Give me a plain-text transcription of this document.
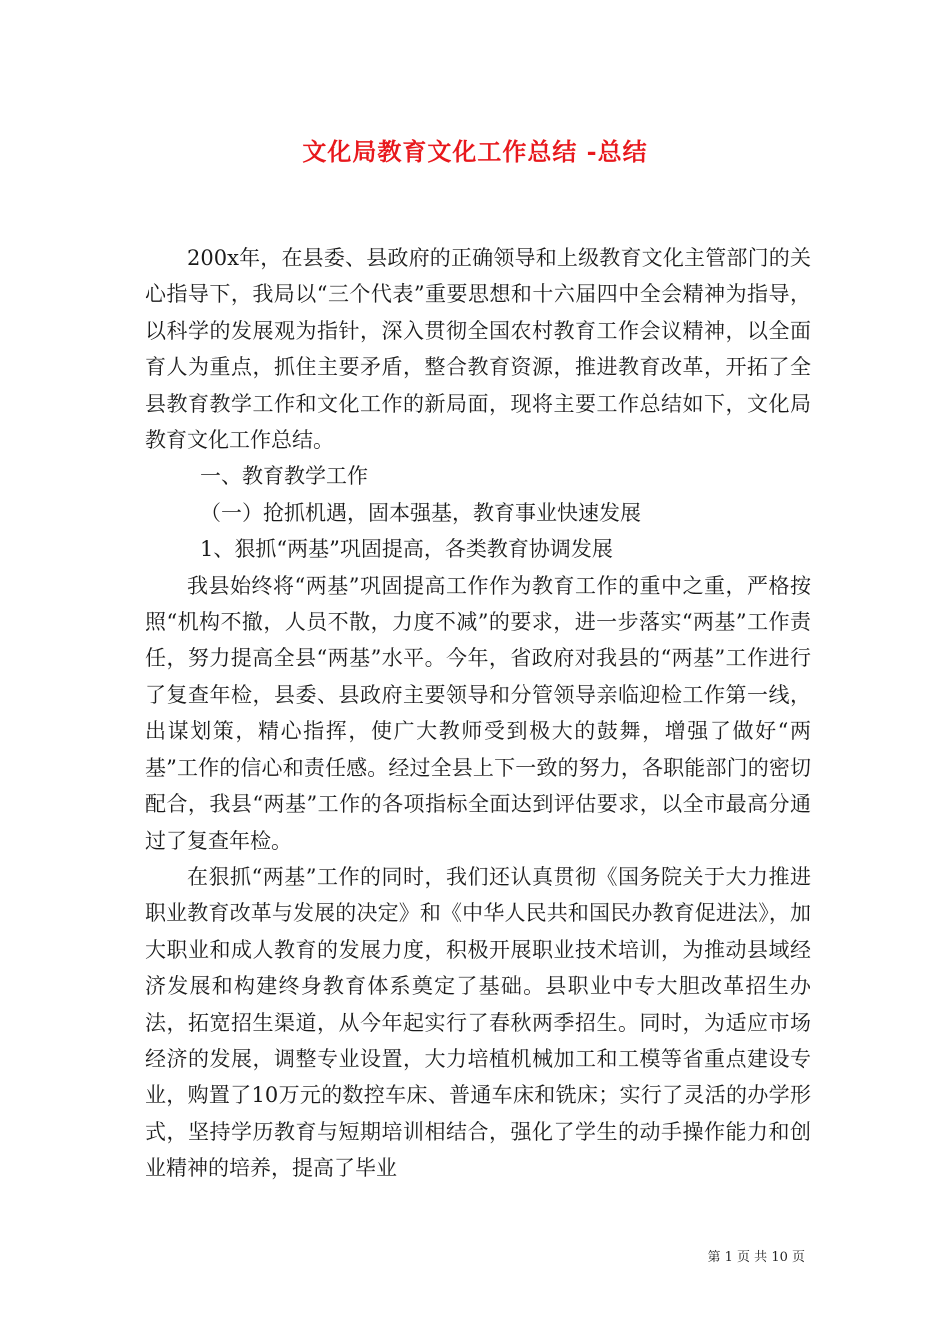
文化局教育文化工作总结 -总结

200x年，在县委、县政府的正确领导和上级教育文化主管部门的关心指导下，我局以“三个代表”重要思想和十六届四中全会精神为指导，以科学的发展观为指针，深入贯彻全国农村教育工作会议精神，以全面育人为重点，抓住主要矛盾，整合教育资源，推进教育改革，开拓了全县教育教学工作和文化工作的新局面，现将主要工作总结如下，文化局教育文化工作总结。

一、教育教学工作

（一）抢抓机遇，固本强基，教育事业快速发展

1、狠抓“两基”巩固提高，各类教育协调发展

我县始终将“两基”巩固提高工作作为教育工作的重中之重，严格按照“机构不撤，人员不散，力度不减”的要求，进一步落实“两基”工作责任，努力提高全县“两基”水平。今年，省政府对我县的“两基”工作进行了复查年检，县委、县政府主要领导和分管领导亲临迎检工作第一线，出谋划策，精心指挥，使广大教师受到极大的鼓舞，增强了做好“两基”工作的信心和责任感。经过全县上下一致的努力，各职能部门的密切配合，我县“两基”工作的各项指标全面达到评估要求，以全市最高分通过了复查年检。

在狠抓“两基”工作的同时，我们还认真贯彻《国务院关于大力推进职业教育改革与发展的决定》和《中华人民共和国民办教育促进法》，加大职业和成人教育的发展力度，积极开展职业技术培训，为推动县域经济发展和构建终身教育体系奠定了基础。县职业中专大胆改革招生办法，拓宽招生渠道，从今年起实行了春秋两季招生。同时，为适应市场经济的发展，调整专业设置，大力培植机械加工和工模等省重点建设专业，购置了10万元的数控车床、普通车床和铣床；实行了灵活的办学形式，坚持学历教育与短期培训相结合，强化了学生的动手操作能力和创业精神的培养，提高了毕业

第 1 页 共 10 页
